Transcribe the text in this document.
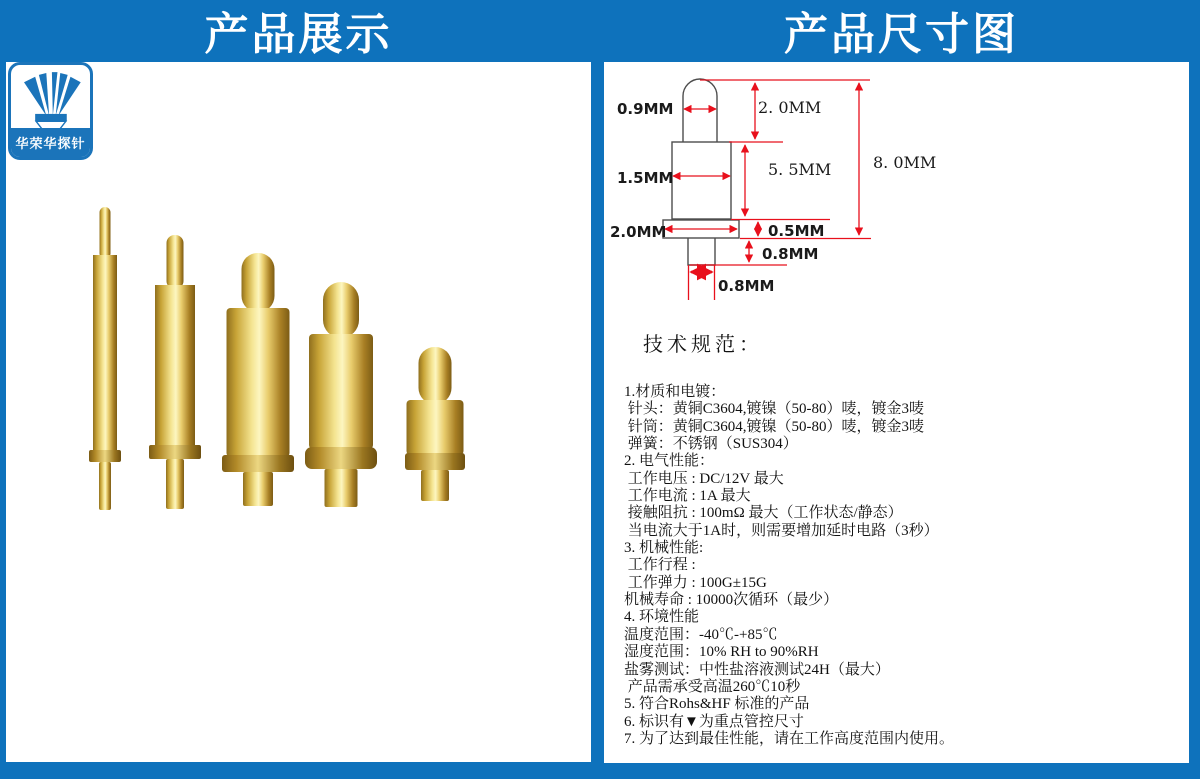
产品展示	产品尺寸图
华荣华探针
0.9MM	2. 0MM
1.5MM	5. 5MM	8. 0MM
2.0MM	0.5MM
0.8MM
0.8MM
技术规范：
1.材质和电镀：
针头：黄铜C3604,镀镍（50-80）唛，镀金3唛
针筒：黄铜C3604,镀镍（50-80）唛，镀金3唛
弹簧：不锈钢（SUS304）
2. 电气性能：
工作电压 : DC/12V 最大
工作电流 : 1A 最大
接触阻抗 : 100mΩ 最大（工作状态/静态）
当电流大于1A时，则需要增加延时电路（3秒）
3. 机械性能:
工作行程 :
工作弹力 : 100G±15G
机械寿命 : 10000次循环（最少）
4. 环境性能
温度范围：-40℃-+85℃
湿度范围：10% RH to 90%RH
盐雾测试：中性盐溶液测试24H（最大）
产品需承受高温260℃10秒
5. 符合Rohs&HF 标准的产品
6. 标识有▼为重点管控尺寸
7. 为了达到最佳性能，请在工作高度范围内使用。
